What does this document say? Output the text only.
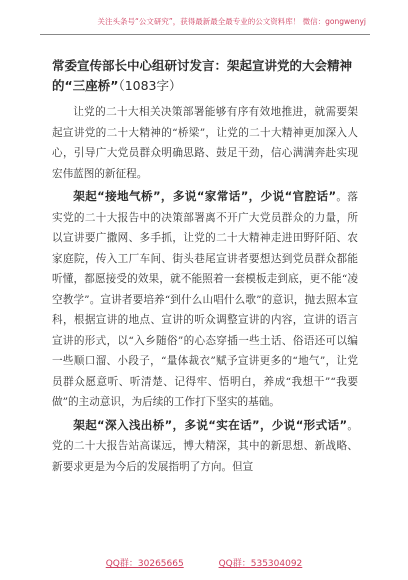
关注头条号“公文研究”，获得最新最全最专业的公文资料库！ 微信：gongwenyj
常委宣传部长中心组研讨发言：架起宣讲党的大会精神的“三座桥”（1083字）

让党的二十大相关决策部署能够有序有效地推进，就需要架起宣讲党的二十大精神的“桥梁”，让党的二十大精神更加深入人心，引导广大党员群众明确思路、鼓足干劲，信心满满奔赴实现宏伟蓝图的新征程。

架起“接地气桥”，多说“家常话”，少说“官腔话”。落实党的二十大报告中的决策部署离不开广大党员群众的力量，所以宣讲要广撒网、多手抓，让党的二十大精神走进田野阡陌、农家庭院，传入工厂车间、街头巷尾宣讲者要想达到党员群众都能听懂，都愿接受的效果，就不能照着一套模板走到底，更不能“凌空教学”。宣讲者要培养“到什么山唱什么歌”的意识，抛去照本宣科，根据宣讲的地点、宣讲的听众调整宣讲的内容，宣讲的语言宣讲的形式，以“入乡随俗”的心态穿插一些土话、俗语还可以编一些顺口溜、小段子，“量体裁衣”赋予宣讲更多的“地气”，让党员群众愿意听、听清楚、记得牢、悟明白，养成“我想干”“我要做”的主动意识，为后续的工作打下坚实的基础。

架起“深入浅出桥”，多说“实在话”，少说“形式话”。党的二十大报告站高谋远，博大精深，其中的新思想、新战略、新要求更是为今后的发展指明了方向。但宣

QQ群：30265665	QQ群：535304092
